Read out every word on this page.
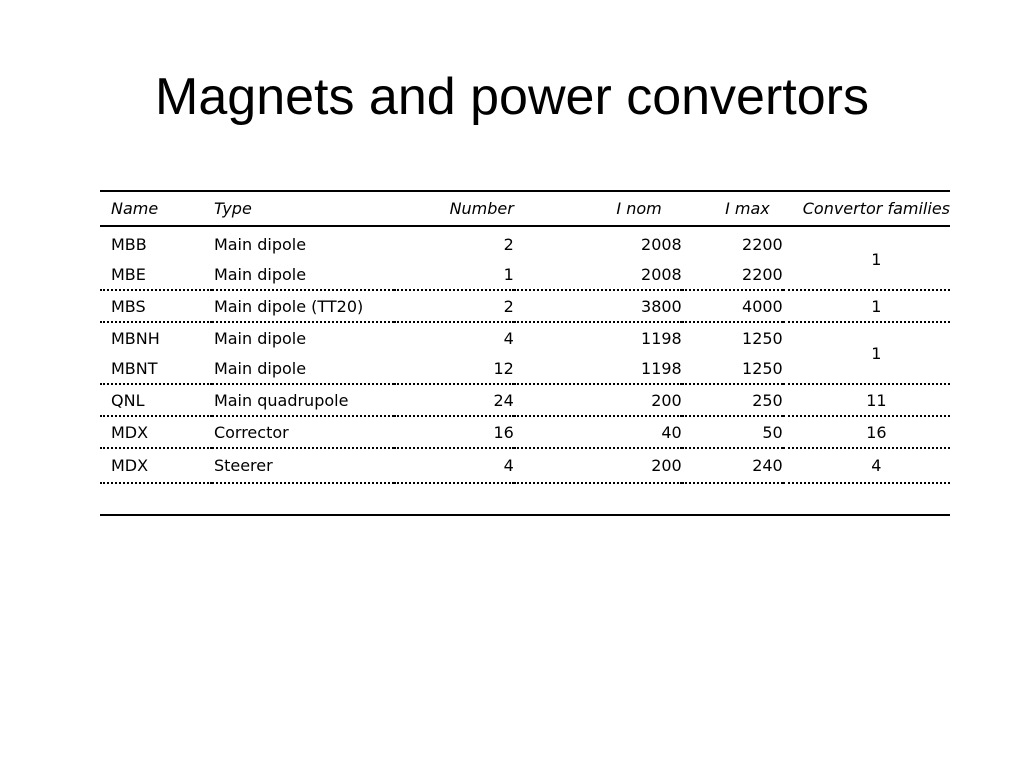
Magnets and power convertors
Name	Type	Number	I nom	I max	Convertor families
MBB	Main dipole	2	2008	2200	1
MBE	Main dipole	1	2008	2200	
MBS	Main dipole (TT20)	2	3800	4000	1
MBNH	Main dipole	4	1198	1250	1
MBNT	Main dipole	12	1198	1250	
QNL	Main quadrupole	24	200	250	11
MDX	Corrector	16	40	50	16
MDX	Steerer	4	200	240	4
